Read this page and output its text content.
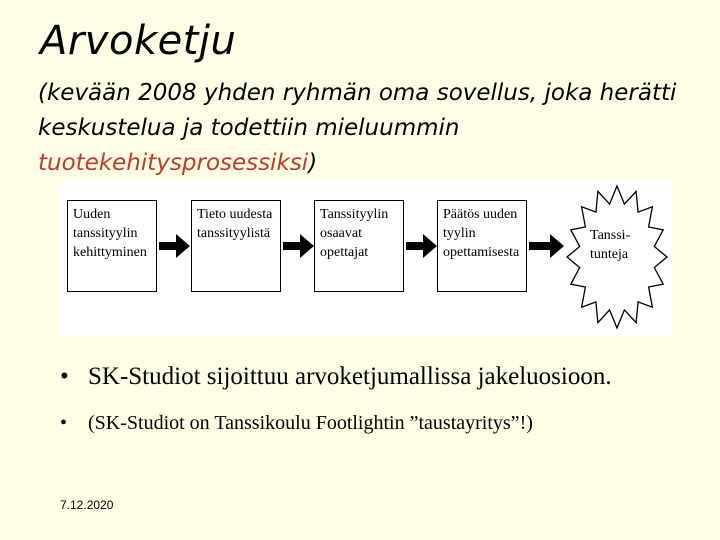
Arvoketju
(kevään 2008 yhden ryhmän oma sovellus, joka herätti keskustelua ja todettiin mieluummin tuotekehitysprosessiksi)
Uuden
tanssityylin
kehittyminen
Tieto uudesta
tanssityylistä
Tanssityylin
osaavat
opettajat
Päätös uuden
tyylin
opettamisesta
Tanssi-
tunteja
• SK-Studiot sijoittuu arvoketjumallissa jakeluosioon.
• (SK-Studiot on Tanssikoulu Footlightin ”taustayritys”!)
7.12.2020
